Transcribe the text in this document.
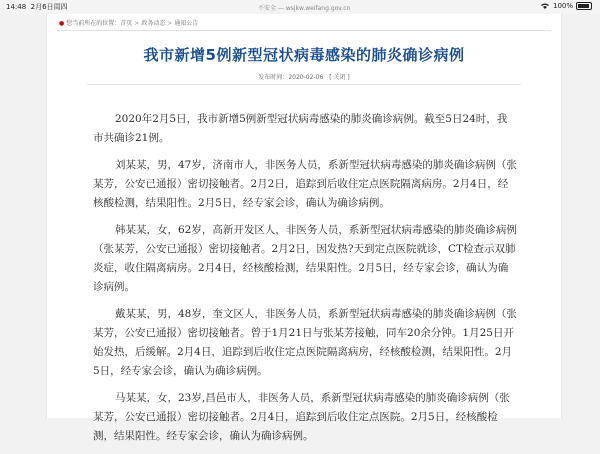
14:48 2月6日周四	不安全 — wsjkw.weifang.gov.cn	100%
● 您当前所在的位置：首页 > 政务动态 > 通知公告
我市新增5例新型冠状病毒感染的肺炎确诊病例
发布时间：2020-02-06 [ 关闭 ]

2020年2月5日，我市新增5例新型冠状病毒感染的肺炎确诊病例。截至5日24时，我市共确诊21例。

刘某某，男，47岁，济南市人，非医务人员，系新型冠状病毒感染的肺炎确诊病例（张某芳，公安已通报）密切接触者。2月2日，追踪到后收住定点医院隔离病房。2月4日，经核酸检测，结果阳性。2月5日，经专家会诊，确认为确诊病例。

韩某某，女，62岁，高新开发区人，非医务人员，系新型冠状病毒感染的肺炎确诊病例（张某芳，公安已通报）密切接触者。2月2日，因发热?天到定点医院就诊，CT检查示双肺炎症，收住隔离病房。2月4日，经核酸检测，结果阳性。2月5日，经专家会诊，确认为确诊病例。

戴某某，男，48岁，奎文区人，非医务人员，系新型冠状病毒感染的肺炎确诊病例（张某芳，公安已通报）密切接触者。曾于1月21日与张某芳接触，同车20余分钟。1月25日开始发热，后缓解。2月4日，追踪到后收住定点医院隔离病房，经核酸检测，结果阳性。2月5日，经专家会诊，确认为确诊病例。

马某某，女，23岁,昌邑市人，非医务人员，系新型冠状病毒感染的肺炎确诊病例（张某芳，公安已通报）密切接触者。2月4日，追踪到后收住定点医院。2月5日，经核酸检测，结果阳性。经专家会诊，确认为确诊病例。
